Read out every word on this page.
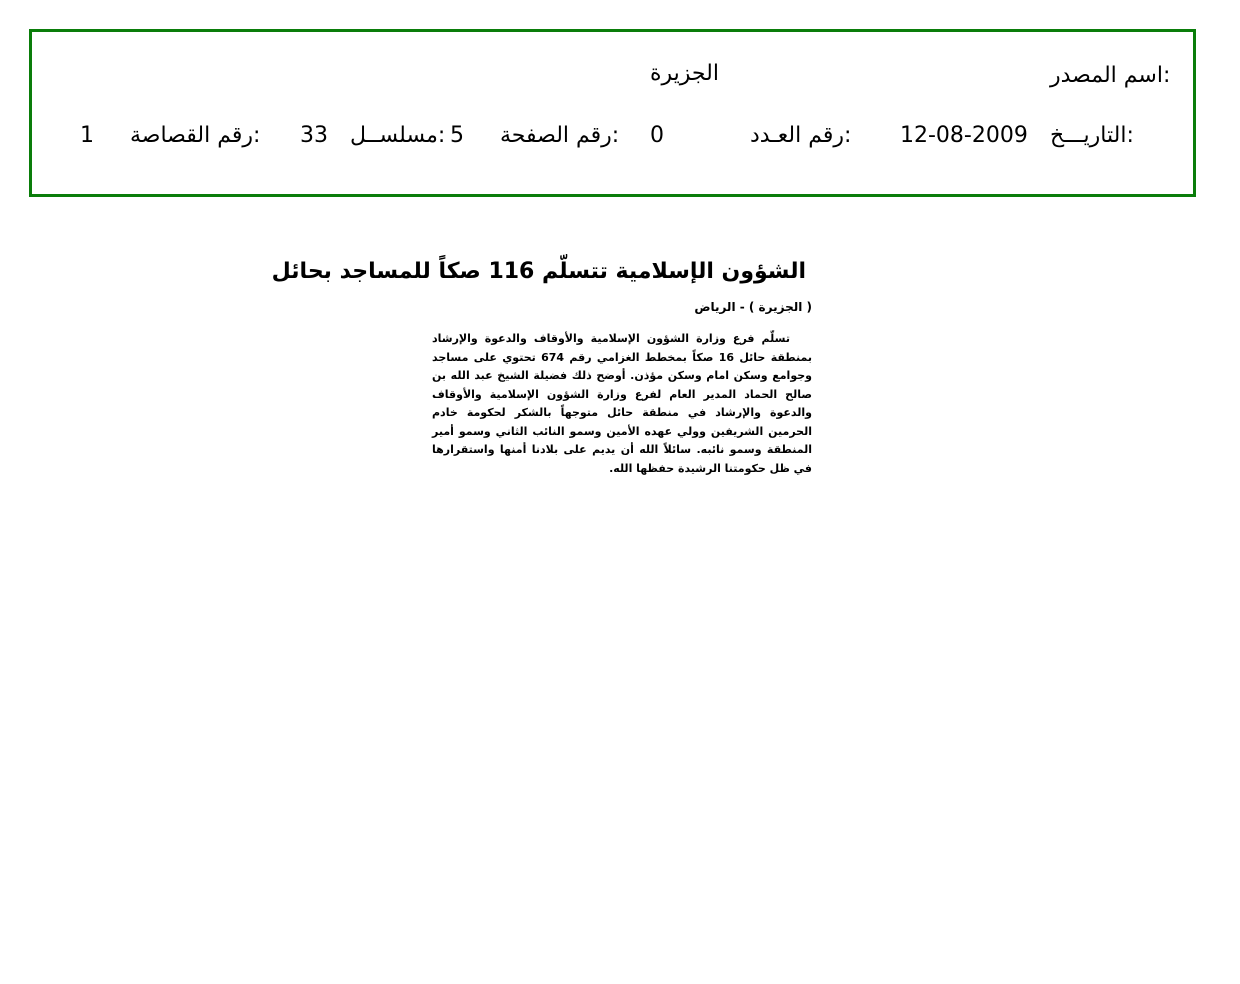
اسم المصدر:
الجزيرة
التاريـــخ:
12-08-2009
رقم العـدد:
0
رقم الصفحة:
5
مسلســل:
33
رقم القصاصة:
1
الشؤون الإسلامية تتسلّم 116 صكاً للمساجد بحائل
( الجزيرة ) - الرياض

تسلّم فرع وزارة الشؤون الإسلامية والأوقاف والدعوة والإرشاد بمنطقة حائل 16 صكاً بمخطط الغزامي رقم 674 تحتوي على مساجد وجوامع وسكن امام وسكن مؤذن. أوضح ذلك فضيلة الشيخ عبد الله بن صالح الحماد المدير العام لفرع وزارة الشؤون الإسلامية والأوقاف والدعوة والإرشاد في منطقة حائل متوجهاً بالشكر لحكومة خادم الحرمين الشريفين وولي عهده الأمين وسمو النائب الثاني وسمو أمير المنطقة وسمو نائبه. سائلاً الله أن يديم على بلادنا أمنها واستقرارها في ظل حكومتنا الرشيدة حفظها الله.
